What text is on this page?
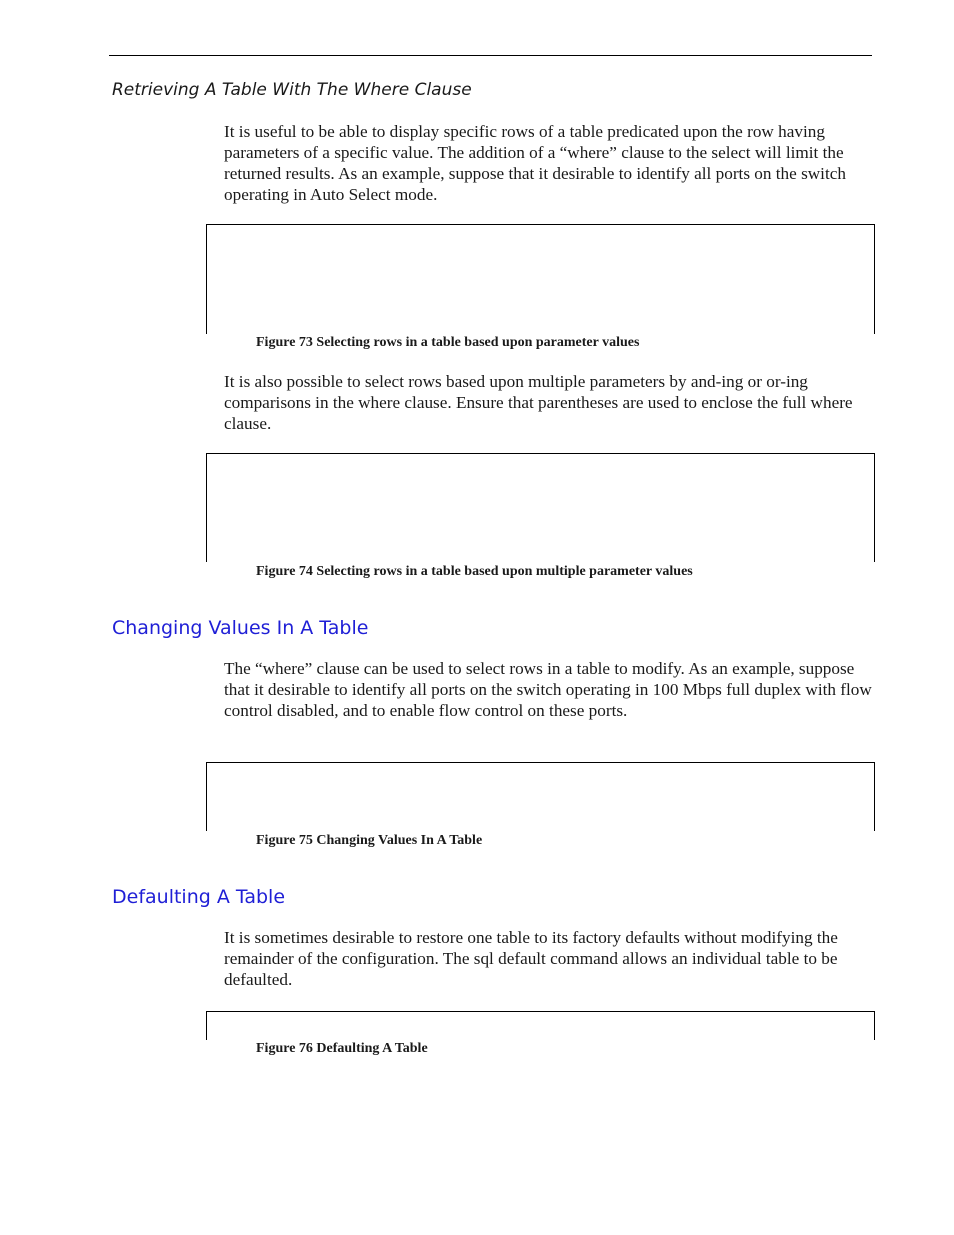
Retrieving A Table With The Where Clause

It is useful to be able to display specific rows of a table predicated upon the row having parameters of a specific value. The addition of a “where” clause to the select will limit the returned results. As an example, suppose that it desirable to identify all ports on the switch operating in Auto Select mode.

Figure 73 Selecting rows in a table based upon parameter values

It is also possible to select rows based upon multiple parameters by and-ing or or-ing comparisons in the where clause. Ensure that parentheses are used to enclose the full where clause.

Figure 74 Selecting rows in a table based upon multiple parameter values
Changing Values In A Table

The “where” clause can be used to select rows in a table to modify. As an example, suppose that it desirable to identify all ports on the switch operating in 100 Mbps full duplex with flow control disabled, and to enable flow control on these ports.

Figure 75 Changing Values In A Table
Defaulting A Table

It is sometimes desirable to restore one table to its factory defaults without modifying the remainder of the configuration. The sql default command allows an individual table to be defaulted.

Figure 76 Defaulting A Table
